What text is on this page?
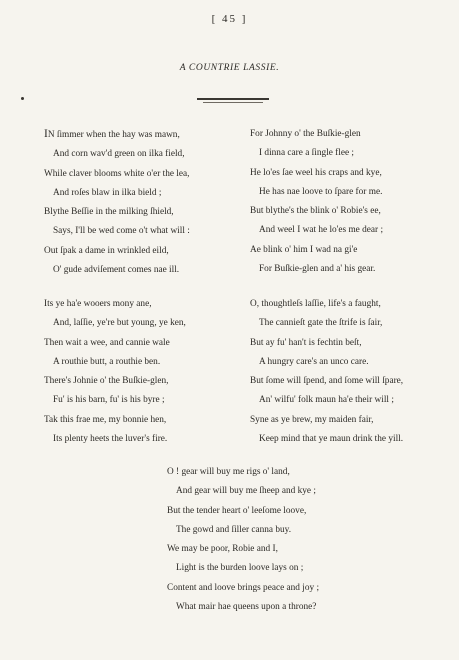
[ 45 ]
A COUNTRIE LASSIE.
IN ſimmer when the hay was mawn,
And corn wav'd green on ilka field,
While claver blooms white o'er the lea,
And roſes blaw in ilka bield ;
Blythe Beſſie in the milking ſhield,
Says, I'll be wed come o't what will :
Out ſpak a dame in wrinkled eild,
O' gude adviſement comes nae ill.
For Johnny o' the Buſkie-glen
I dinna care a ſingle flee ;
He lo'es ſae weel his craps and kye,
He has nae loove to ſpare for me.
But blythe's the blink o' Robie's ee,
And weel I wat he lo'es me dear ;
Ae blink o' him I wad na gi'e
For Buſkie-glen and a' his gear.
Its ye ha'e wooers mony ane,
And, laſſie, ye're but young, ye ken,
Then wait a wee, and cannie wale
A routhie butt, a routhie ben.
There's Johnie o' the Buſkie-glen,
Fu' is his barn, fu' is his byre ;
Tak this frae me, my bonnie hen,
Its plenty heets the luver's fire.
O, thoughtleſs laſſie, life's a faught,
The cannieſt gate the ſtrife is ſair,
But ay fu' han't is fechtin beſt,
A hungry care's an unco care.
But ſome will ſpend, and ſome will ſpare,
An' wilfu' folk maun ha'e their will ;
Syne as ye brew, my maiden fair,
Keep mind that ye maun drink the yill.
O ! gear will buy me rigs o' land,
And gear will buy me ſheep and kye ;
But the tender heart o' leeſome loove,
The gowd and ſiller canna buy.
We may be poor, Robie and I,
Light is the burden loove lays on ;
Content and loove brings peace and joy ;
What mair hae queens upon a throne?
